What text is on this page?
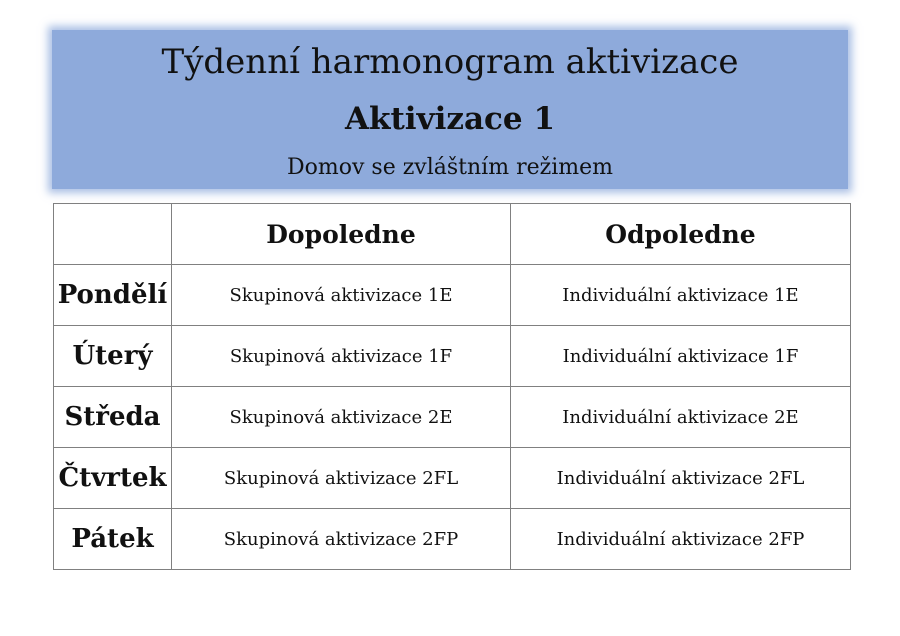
Týdenní harmonogram aktivizace
Aktivizace 1
Domov se zvláštním režimem
	Dopoledne	Odpoledne
Pondělí	Skupinová aktivizace 1E	Individuální aktivizace 1E
Úterý	Skupinová aktivizace 1F	Individuální aktivizace 1F
Středa	Skupinová aktivizace 2E	Individuální aktivizace 2E
Čtvrtek	Skupinová aktivizace 2FL	Individuální aktivizace 2FL
Pátek	Skupinová aktivizace 2FP	Individuální aktivizace 2FP
